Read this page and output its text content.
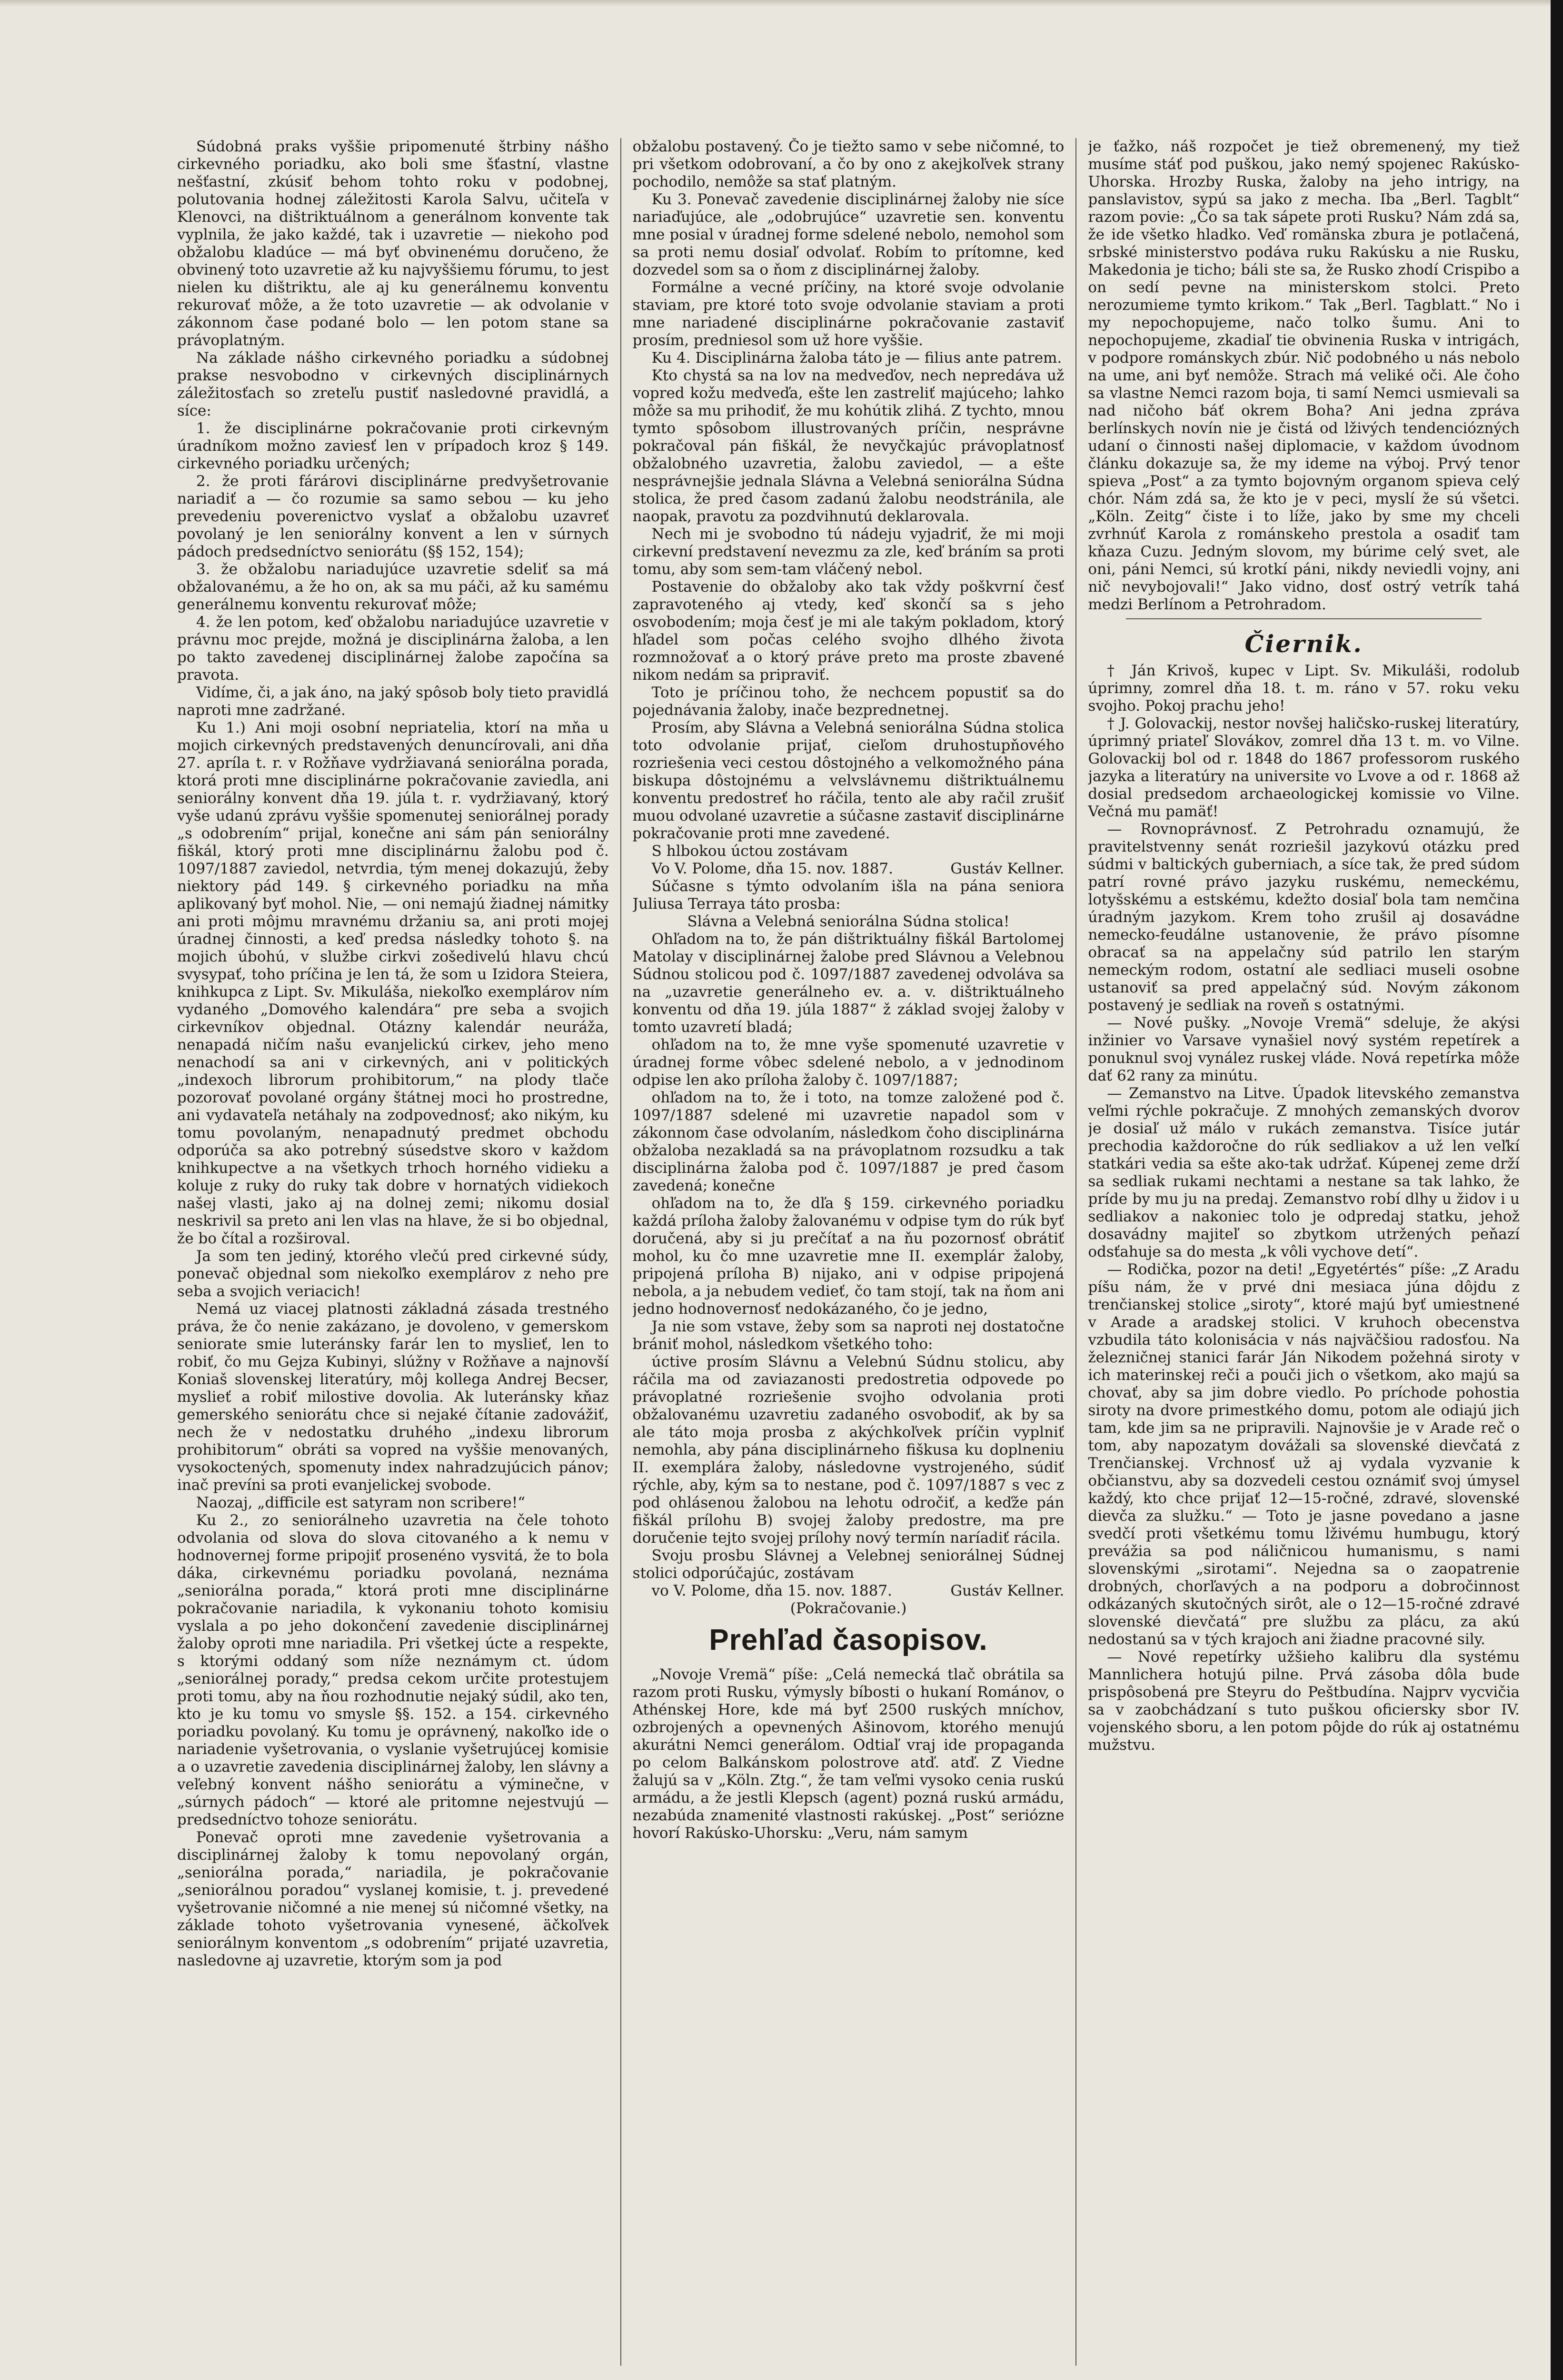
Súdobná praks vyššie pripomenuté štrbiny nášho cirkevného poriadku, ako boli sme šťastní, vlastne nešťastní, zkúsiť behom tohto roku v podobnej, polutovania hodnej záležitosti Karola Salvu, učiteľa v Klenovci, na dištriktuálnom a generálnom konvente tak vyplnila, že jako každé, tak i uzavretie — niekoho pod obžalobu kladúce — má byť obvinenému doručeno, že obvinený toto uzavretie až ku najvyššiemu fórumu, to jest nielen ku dištriktu, ale aj ku generálnemu konventu rekurovať môže, a že toto uzavretie — ak odvolanie v zákonnom čase podané bolo — len potom stane sa právoplatným.

Na základe nášho cirkevného poriadku a súdobnej prakse nesvobodno v cirkevných disciplinárnych záležitosťach so zreteľu pustiť nasledovné pravidlá, a síce:

1. že disciplinárne pokračovanie proti cirkevným úradníkom možno zaviesť len v prípadoch kroz § 149. cirkevného poriadku určených;

2. že proti fárárovi disciplinárne predvyšetrovanie nariadiť a — čo rozumie sa samo sebou — ku jeho prevedeniu poverenictvo vyslať a obžalobu uzavreť povolaný je len seniorálny konvent a len v súrnych pádoch predsedníctvo seniorátu (§§ 152, 154);

3. že obžalobu nariadujúce uzavretie sdeliť sa má obžalovanému, a že ho on, ak sa mu páči, až ku samému generálnemu konventu rekurovať môže;

4. že len potom, keď obžalobu nariadujúce uzavretie v právnu moc prejde, možná je disciplinárna žaloba, a len po takto zavedenej disciplinárnej žalobe započína sa pravota.

Vidíme, či, a jak áno, na jaký spôsob boly tieto pravidlá naproti mne zadržané.

Ku 1.) Ani moji osobní nepriatelia, ktorí na mňa u mojich cirkevných predstavených denuncírovali, ani dňa 27. apríla t. r. v Rožňave vydržiavaná seniorálna porada, ktorá proti mne disciplinárne pokračovanie zaviedla, ani seniorálny konvent dňa 19. júla t. r. vydržiavaný, ktorý vyše udanú zprávu vyššie spomenutej seniorálnej porady „s odobrením“ prijal, konečne ani sám pán seniorálny fiškál, ktorý proti mne disciplinárnu žalobu pod č. 1097/1887 zaviedol, netvrdia, tým menej dokazujú, žeby niektory pád 149. § cirkevného poriadku na mňa aplikovaný byť mohol. Nie, — oni nemajú žiadnej námitky ani proti môjmu mravnému držaniu sa, ani proti mojej úradnej činnosti, a keď predsa následky tohoto §. na mojich úbohú, v službe cirkvi zošedivelú hlavu chcú svysypať, toho príčina je len tá, že som u Izidora Steiera, knihkupca z Lipt. Sv. Mikuláša, niekoľko exemplárov ním vydaného „Domového kalendára“ pre seba a svojich cirkevníkov objednal. Otázny kalendár neuráža, nenapadá ničím našu evanjelickú cirkev, jeho meno nenachodí sa ani v cirkevných, ani v politických „indexoch librorum prohibitorum,“ na plody tlače pozorovať povolané orgány štátnej moci ho prostredne, ani vydavateľa netáhaly na zodpovednosť; ako nikým, ku tomu povolaným, nenapadnutý predmet obchodu odporúča sa ako potrebný súsedstve skoro v každom knihkupectve a na všetkych trhoch horného vidieku a koluje z ruky do ruky tak dobre v hornatých vidiekoch našej vlasti, jako aj na dolnej zemi; nikomu dosiaľ neskrivil sa preto ani len vlas na hlave, že si bo objednal, že bo čítal a rozširoval.

Ja som ten jediný, ktorého vlečú pred cirkevné súdy, ponevač objednal som niekoľko exemplárov z neho pre seba a svojich veriacich!

Nemá uz viacej platnosti základná zásada trestného práva, že čo nenie zakázano, je dovoleno, v gemerskom seniorate smie luteránsky farár len to myslieť, len to robiť, čo mu Gejza Kubinyi, slúžny v Rožňave a najnovší Koniaš slovenskej literatúry, môj kollega Andrej Becser, myslieť a robiť milostive dovolia. Ak luteránsky kňaz gemerského seniorátu chce si nejaké čítanie zadovážiť, nech že v nedostatku druhého „indexu librorum prohibitorum“ obráti sa vopred na vyššie menovaných, vysokoctených, spomenuty index nahradzujúcich pánov; inač prevíni sa proti evanjelickej svobode.

Naozaj, „difficile est satyram non scribere!“

Ku 2., zo seniorálneho uzavretia na čele tohoto odvolania od slova do slova citovaného a k nemu v hodnovernej forme pripojiť prosenéno vysvitá, že to bola dáka, cirkevnému poriadku povolaná, neznáma „seniorálna porada,“ ktorá proti mne disciplinárne pokračovanie nariadila, k vykonaniu tohoto komisiu vyslala a po jeho dokončení zavedenie disciplinárnej žaloby oproti mne nariadila. Pri všetkej úcte a respekte, s ktorými oddaný som níže neznámym ct. údom „seniorálnej porady,“ predsa cekom určite protestujem proti tomu, aby na ňou rozhodnutie nejaký súdil, ako ten, kto je ku tomu vo smysle §§. 152. a 154. cirkevného poriadku povolaný. Ku tomu je oprávnený, nakoľko ide o nariadenie vyšetrovania, o vyslanie vyšetrujúcej komisie a o uzavretie zavedenia disciplinárnej žaloby, len slávny a veľebný konvent nášho seniorátu a výminečne, v „súrnych pádoch“ — ktoré ale pritomne nejestvujú — predsedníctvo tohoze seniorátu.

Ponevač oproti mne zavedenie vyšetrovania a disciplinárnej žaloby k tomu nepovolaný orgán, „seniorálna porada,“ nariadila, je pokračovanie „seniorálnou poradou“ vyslanej komisie, t. j. prevedené vyšetrovanie ničomné a nie menej sú ničomné všetky, na základe tohoto vyšetrovania vynesené, äčkoľvek seniorálnym konventom „s odobrením“ prijaté uzavretia, nasledovne aj uzavretie, ktorým som ja pod

obžalobu postavený. Čo je tiežto samo v sebe ničomné, to pri všetkom odobrovaní, a čo by ono z akejkoľvek strany pochodilo, nemôže sa stať platným.

Ku 3. Ponevač zavedenie disciplinárnej žaloby nie síce nariaďujúce, ale „odobrujúce“ uzavretie sen. konventu mne posial v úradnej forme sdelené nebolo, nemohol som sa proti nemu dosiaľ odvolať. Robím to prítomne, keď dozvedel som sa o ňom z disciplinárnej žaloby.

Formálne a vecné príčiny, na ktoré svoje odvolanie staviam, pre ktoré toto svoje odvolanie staviam a proti mne nariadené disciplinárne pokračovanie zastaviť prosím, predniesol som už hore vyššie.

Ku 4. Disciplinárna žaloba táto je — filius ante patrem.

Kto chystá sa na lov na medveďov, nech nepredáva už vopred kožu medveďa, ešte len zastreliť majúceho; lahko môže sa mu prihodiť, že mu kohútik zlihá. Z tychto, mnou tymto spôsobom illustrovaných príčin, nesprávne pokračoval pán fiškál, že nevyčkajúc právoplatnosť obžalobného uzavretia, žalobu zaviedol, — a ešte nesprávnejšie jednala Slávna a Velebná seniorálna Súdna stolica, že pred časom zadanú žalobu neodstránila, ale naopak, pravotu za pozdvihnutú deklarovala.

Nech mi je svobodno tú nádeju vyjadriť, že mi moji cirkevní predstavení nevezmu za zle, keď bráním sa proti tomu, aby som sem-tam vláčený nebol.

Postavenie do obžaloby ako tak vždy poškvrní česť zapravoteného aj vtedy, keď skončí sa s jeho osvobodením; moja česť je mi ale takým pokladom, ktorý hľadel som počas celého svojho dlhého života rozmnožovať a o ktorý práve preto ma proste zbavené nikom nedám sa pripraviť.

Toto je príčinou toho, že nechcem popustiť sa do pojednávania žaloby, inače bezprednetnej.

Prosím, aby Slávna a Velebná seniorálna Súdna stolica toto odvolanie prijať, cieľom druhostupňového rozriešenia veci cestou dôstojného a velkomožného pána biskupa dôstojnému a velvslávnemu dištriktuálnemu konventu predostreť ho ráčila, tento ale aby račil zrušiť muou odvolané uzavretie a súčasne zastaviť disciplinárne pokračovanie proti mne zavedené.

S hlbokou úctou zostávam

Vo V. Polome, dňa 15. nov. 1887.	Gustáv Kellner.

Súčasne s týmto odvolaním išla na pána seniora Juliusa Terraya táto prosba:

Slávna a Velebná seniorálna Súdna stolica!

Ohľadom na to, že pán dištriktuálny fiškál Bartolomej Matolay v disciplinárnej žalobe pred Slávnou a Velebnou Súdnou stolicou pod č. 1097/1887 zavedenej odvoláva sa na „uzavretie generálneho ev. a. v. dištriktuálneho konventu od dňa 19. júla 1887“ ž základ svojej žaloby v tomto uzavretí bladá;

ohľadom na to, že mne vyše spomenuté uzavretie v úradnej forme vôbec sdelené nebolo, a v jednodinom odpise len ako príloha žaloby č. 1097/1887;

ohľadom na to, že i toto, na tomze založené pod č. 1097/1887 sdelené mi uzavretie napadol som v zákonnom čase odvolaním, následkom čoho disciplinárna obžaloba nezakladá sa na právoplatnom rozsudku a tak disciplinárna žaloba pod č. 1097/1887 je pred časom zavedená; konečne

ohľadom na to, že dľa § 159. cirkevného poriadku každá príloha žaloby žalovanému v odpise tym do rúk byť doručená, aby si ju prečítať a na ňu pozornosť obrátiť mohol, ku čo mne uzavretie mne II. exemplár žaloby, pripojená príloha B) nijako, ani v odpise pripojená nebola, a ja nebudem vedieť, čo tam stojí, tak na ňom ani jedno hodnovernosť nedokázaného, čo je jedno,

Ja nie som vstave, žeby som sa naproti nej dostatočne brániť mohol, následkom všetkého toho:

úctive prosím Slávnu a Velebnú Súdnu stolicu, aby ráčila ma od zaviazanosti predostretia odpovede po právoplatné rozriešenie svojho odvolania proti obžalovanému uzavretiu zadaného osvobodiť, ak by sa ale táto moja prosba z akýchkoľvek príčin vyplniť nemohla, aby pána disciplinárneho fiškusa ku doplneniu II. exemplára žaloby, následovne vystrojeného, súdiť rýchle, aby, kým sa to nestane, pod č. 1097/1887 s vec z pod ohlásenou žalobou na lehotu odročiť, a keďže pán fiškál prílohu B) svojej žaloby predostre, ma pre doručenie tejto svojej prílohy nový termín naríadiť rácila.

Svoju prosbu Slávnej a Velebnej seniorálnej Súdnej stolici odporúčajúc, zostávam

vo V. Polome, dňa 15. nov. 1887.	Gustáv Kellner.

(Pokračovanie.)

Prehľad časopisov.

„Novoje Vremä“ píše: „Celá nemecká tlač obrátila sa razom proti Rusku, výmysly bíbosti o hukaní Románov, o Athénskej Hore, kde má byť 2500 ruských mníchov, ozbrojených a opevnených Ašinovom, ktorého menujú akurátni Nemci generálom. Odtiaľ vraj ide propaganda po celom Balkánskom polostrove atď. atď. Z Viedne žalujú sa v „Köln. Ztg.“, že tam veľmi vysoko cenia ruskú armádu, a že jestli Klepsch (agent) pozná ruskú armádu, nezabúda znamenité vlastnosti rakúskej. „Post“ seriózne hovorí Rakúsko-Uhorsku: „Veru, nám samym

je ťažko, náš rozpočet je tiež obremenený, my tiež musíme stáť pod puškou, jako nemý spojenec Rakúsko-Uhorska. Hrozby Ruska, žaloby na jeho intrigy, na panslavistov, sypú sa jako z mecha. Iba „Berl. Tagblt“ razom povie: „Čo sa tak sápete proti Rusku? Nám zdá sa, že ide všetko hladko. Veď romänska zbura je potlačená, srbské ministerstvo podáva ruku Rakúsku a nie Rusku, Makedonia je ticho; báli ste sa, že Rusko zhodí Crispibo a on sedí pevne na ministerskom stolci. Preto nerozumieme tymto krikom.“ Tak „Berl. Tagblatt.“ No i my nepochopujeme, načo tolko šumu. Ani to nepochopujeme, zkadiaľ tie obvinenia Ruska v intrigách, v podpore románskych zbúr. Nič podobného u nás nebolo na ume, ani byť nemôže. Strach má veliké oči. Ale čoho sa vlastne Nemci razom boja, ti samí Nemci usmievali sa nad ničoho báť okrem Boha? Ani jedna zpráva berlínskych novín nie je čistá od lživých tendenciózných udaní o činnosti našej diplomacie, v každom úvodnom článku dokazuje sa, že my ideme na výboj. Prvý tenor spieva „Post“ a za tymto bojovným organom spieva celý chór. Nám zdá sa, že kto je v peci, myslí že sú všetci. „Köln. Zeitg“ čiste i to líže, jako by sme my chceli zvrhnúť Karola z románskeho prestola a osadiť tam kňaza Cuzu. Jedným slovom, my búrime celý svet, ale oni, páni Nemci, sú krotkí páni, nikdy neviedli vojny, ani nič nevybojovali!“ Jako vidno, dosť ostrý vetrík tahá medzi Berlínom a Petrohradom.

Čiernik.

† Ján Krivoš, kupec v Lipt. Sv. Mikuláši, rodolub úprimny, zomrel dňa 18. t. m. ráno v 57. roku veku svojho. Pokoj prachu jeho!

† J. Golovackij, nestor novšej haličsko-ruskej literatúry, úprimný priateľ Slovákov, zomrel dňa 13 t. m. vo Vilne. Golovackij bol od r. 1848 do 1867 professorom ruského jazyka a literatúry na universite vo Lvove a od r. 1868 až dosial predsedom archaeologickej komissie vo Vilne. Večná mu pamäť!

— Rovnoprávnosť. Z Petrohradu oznamujú, že pravitelstvenny senát rozriešil jazykovú otázku pred súdmi v baltických guberniach, a síce tak, že pred súdom patrí rovné právo jazyku ruskému, nemeckému, lotyšskému a estskému, kdežto dosiaľ bola tam nemčina úradným jazykom. Krem toho zrušil aj dosavádne nemecko-feudálne ustanovenie, že právo písomne obracať sa na appelačny súd patrilo len starým nemeckým rodom, ostatní ale sedliaci museli osobne ustanoviť sa pred appelačný súd. Novým zákonom postavený je sedliak na roveň s ostatnými.

— Nové pušky. „Novoje Vremä“ sdeluje, že akýsi inžinier vo Varsave vynašiel nový systém repetírek a ponuknul svoj vynález ruskej vláde. Nová repetírka môže dať 62 rany za minútu.

— Zemanstvo na Litve. Úpadok litevského zemanstva veľmi rýchle pokračuje. Z mnohých zemanských dvorov je dosiaľ už málo v rukách zemanstva. Tisíce jutár prechodia každoročne do rúk sedliakov a už len veľkí statkári vedia sa ešte ako-tak udržať. Kúpenej zeme drží sa sedliak rukami nechtami a nestane sa tak lahko, že príde by mu ju na predaj. Zemanstvo robí dlhy u židov i u sedliakov a nakoniec tolo je odpredaj statku, jehož dosavádny majiteľ so zbytkom utržených peňazí odsťahuje sa do mesta „k vôli vychove detí“.

— Rodička, pozor na deti! „Egyetértés“ píše: „Z Aradu píšu nám, že v prvé dni mesiaca júna dôjdu z trenčianskej stolice „siroty“, ktoré majú byť umiestnené v Arade a aradskej stolici. V kruhoch obecenstva vzbudila táto kolonisácia v nás najväčšiou radosťou. Na železničnej stanici farár Ján Nikodem požehná siroty v ich materinskej reči a pouči jich o všetkom, ako majú sa chovať, aby sa jim dobre viedlo. Po príchode pohostia siroty na dvore primestkého domu, potom ale odiajú jich tam, kde jim sa ne pripravili. Najnovšie je v Arade reč o tom, aby napozatym dovážali sa slovenské dievčatá z Trenčianskej. Vrchnosť už aj vydala vyzvanie k občianstvu, aby sa dozvedeli cestou oznámiť svoj úmysel každý, kto chce prijať 12—15-ročné, zdravé, slovenské dievča za služku.“ — Toto je jasne povedano a jasne svedčí proti všetkému tomu lživému humbugu, ktorý prevážia sa pod náličnicou humanismu, s nami slovenskými „sirotami“. Nejedna sa o zaopatrenie drobných, chorľavých a na podporu a dobročinnost odkázaných skutočných sirôt, ale o 12—15-ročné zdravé slovenské dievčatá“ pre službu za plácu, za akú nedostanú sa v tých krajoch ani žiadne pracovné sily.

— Nové repetírky užšieho kalibru dla systému Mannlichera hotujú pilne. Prvá zásoba dôla bude prispôsobená pre Steyru do Peštbudína. Najprv vycvičia sa v zaobchádzaní s tuto puškou oficiersky sbor IV. vojenského sboru, a len potom pôjde do rúk aj ostatnému mužstvu.
